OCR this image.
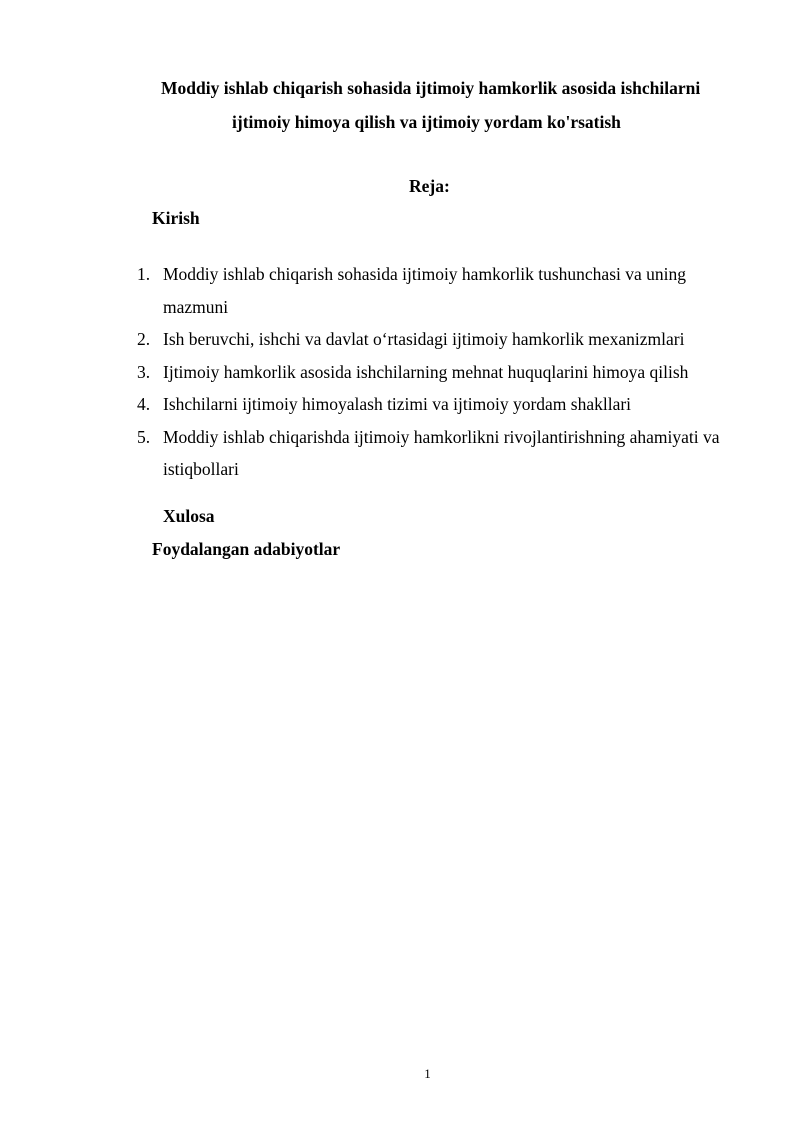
Moddiy ishlab chiqarish sohasida ijtimoiy hamkorlik asosida ishchilarni
ijtimoiy himoya qilish va ijtimoiy yordam ko'rsatish
Reja:
Kirish
1. Moddiy ishlab chiqarish sohasida ijtimoiy hamkorlik tushunchasi va uning mazmuni
2. Ish beruvchi, ishchi va davlat o‘rtasidagi ijtimoiy hamkorlik mexanizmlari
3. Ijtimoiy hamkorlik asosida ishchilarning mehnat huquqlarini himoya qilish
4. Ishchilarni ijtimoiy himoyalash tizimi va ijtimoiy yordam shakllari
5. Moddiy ishlab chiqarishda ijtimoiy hamkorlikni rivojlantirishning ahamiyati va istiqbollari
Xulosa
Foydalangan adabiyotlar
1
